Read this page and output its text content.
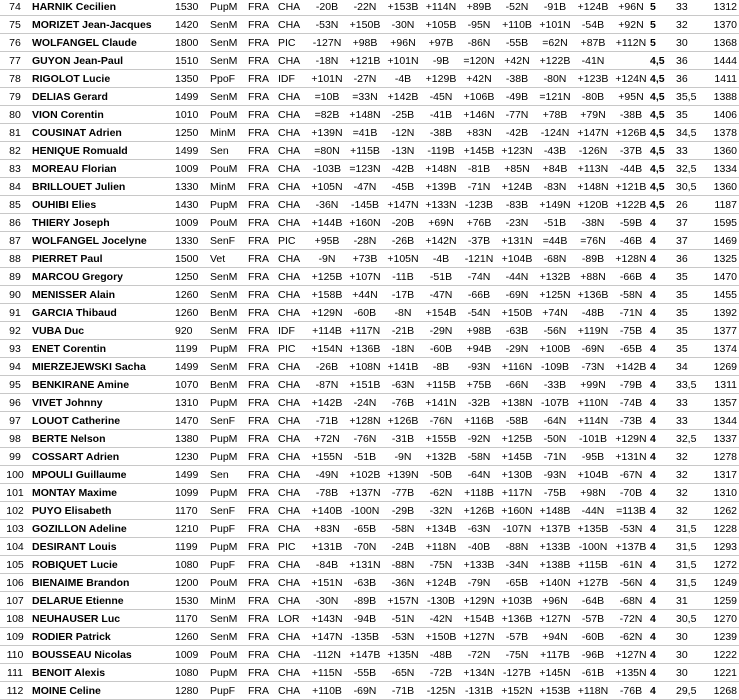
74	HARNIK Cecilien	1530	PupM	FRA	CHA	-20B	-22N	+153B	+114N	+89B	-52N	-91B	+124B	+96N	5	33	1312
75	MORIZET Jean-Jacques	1420	SenM	FRA	CHA	-53N	+150B	-30N	+105B	-95N	+110B	+101N	-54B	+92N	5	32	1370
76	WOLFANGEL Claude	1800	SenM	FRA	PIC	-127N	+98B	+96N	+97B	-86N	-55B	=62N	+87B	+112N	5	30	1368
77	GUYON Jean-Paul	1510	SenM	FRA	CHA	-18N	+121B	+101N	-9B	=120N	+42N	+122B	-41N		4,5	36	1444
78	RIGOLOT Lucie	1350	PpoF	FRA	IDF	+101N	-27N	-4B	+129B	+42N	-38B	-80N	+123B	+124N	4,5	36	1411
79	DELIAS Gerard	1499	SenM	FRA	CHA	=10B	=33N	+142B	-45N	+106B	-49B	=121N	-80B	+95N	4,5	35,5	1388
80	VION Corentin	1010	PouM	FRA	CHA	=82B	+148N	-25B	-41B	+146N	-77N	+78B	+79N	-38B	4,5	35	1406
81	COUSINAT Adrien	1250	MinM	FRA	CHA	+139N	=41B	-12N	-38B	+83N	-42B	-124N	+147N	+126B	4,5	34,5	1378
82	HENIQUE Romuald	1499	Sen	FRA	CHA	=80N	+115B	-13N	-119B	+145B	+123N	-43B	-126N	-37B	4,5	33	1360
83	MOREAU Florian	1009	PouM	FRA	CHA	-103B	=123N	-42B	+148N	-81B	+85N	+84B	+113N	-44B	4,5	32,5	1334
84	BRILLOUET Julien	1330	MinM	FRA	CHA	+105N	-47N	-45B	+139B	-71N	+124B	-83N	+148N	+121B	4,5	30,5	1360
85	OUHIBI Elies	1430	PupM	FRA	CHA	-36N	-145B	+147N	+133N	-123B	-83B	+149N	+120B	+122B	4,5	26	1187
86	THIERY Joseph	1009	PouM	FRA	CHA	+144B	+160N	-20B	+69N	+76B	-23N	-51B	-38N	-59B	4	37	1595
87	WOLFANGEL Jocelyne	1330	SenF	FRA	PIC	+95B	-28N	-26B	+142N	-37B	+131N	=44B	=76N	-46B	4	37	1469
88	PIERRET Paul	1500	Vet	FRA	CHA	-9N	+73B	+105N	-4B	-121N	+104B	-68N	-89B	+128N	4	36	1325
89	MARCOU Gregory	1250	SenM	FRA	CHA	+125B	+107N	-11B	-51B	-74N	-44N	+132B	+88N	-66B	4	35	1470
90	MENISSER Alain	1260	SenM	FRA	CHA	+158B	+44N	-17B	-47N	-66B	-69N	+125N	+136B	-58N	4	35	1455
91	GARCIA Thibaud	1260	BenM	FRA	CHA	+129N	-60B	-8N	+154B	-54N	+150B	+74N	-48B	-71N	4	35	1392
92	VUBA Duc	920	SenM	FRA	IDF	+114B	+117N	-21B	-29N	+98B	-63B	-56N	+119N	-75B	4	35	1377
93	ENET Corentin	1199	PupM	FRA	PIC	+154N	+136B	-18N	-60B	+94B	-29N	+100B	-69N	-65B	4	35	1374
94	MIERZEJEWSKI Sacha	1499	SenM	FRA	CHA	-26B	+108N	+141B	-8B	-93N	+116N	-109B	-73N	+142B	4	34	1269
95	BENKIRANE Amine	1070	BenM	FRA	CHA	-87N	+151B	-63N	+115B	+75B	-66N	-33B	+99N	-79B	4	33,5	1311
96	VIVET Johnny	1310	PupM	FRA	CHA	+142B	-24N	-76B	+141N	-32B	+138N	-107B	+110N	-74B	4	33	1357
97	LOUOT Catherine	1470	SenF	FRA	CHA	-71B	+128N	+126B	-76N	+116B	-58B	-64N	+114N	-73B	4	33	1344
98	BERTE Nelson	1380	PupM	FRA	CHA	+72N	-76N	-31B	+155B	-92N	+125B	-50N	-101B	+129N	4	32,5	1337
99	COSSART Adrien	1230	PupM	FRA	CHA	+155N	-51B	-9N	+132B	-58N	+145B	-71N	-95B	+131N	4	32	1278
100	MPOULI Guillaume	1499	Sen	FRA	CHA	-49N	+102B	+139N	-50B	-64N	+130B	-93N	+104B	-67N	4	32	1317
101	MONTAY Maxime	1099	PupM	FRA	CHA	-78B	+137N	-77B	-62N	+118B	+117N	-75B	+98N	-70B	4	32	1310
102	PUYO Elisabeth	1170	SenF	FRA	CHA	+140B	-100N	-29B	-32N	+126B	+160N	+148B	-44N	=113B	4	32	1262
103	GOZILLON Adeline	1210	PupF	FRA	CHA	+83N	-65B	-58N	+134B	-63N	-107N	+137B	+135B	-53N	4	31,5	1228
104	DESIRANT Louis	1199	PupM	FRA	PIC	+131B	-70N	-24B	+118N	-40B	-88N	+133B	-100N	+137B	4	31,5	1293
105	ROBIQUET Lucie	1080	PupF	FRA	CHA	-84B	+131N	-88N	-75N	+133B	-34N	+138B	+115B	-61N	4	31,5	1272
106	BIENAIME Brandon	1200	PouM	FRA	CHA	+151N	-63B	-36N	+124B	-79N	-65B	+140N	+127B	-56N	4	31,5	1249
107	DELARUE Etienne	1530	MinM	FRA	CHA	-30N	-89B	+157N	-130B	+129N	+103B	+96N	-64B	-68N	4	31	1259
108	NEUHAUSER Luc	1170	SenM	FRA	LOR	+143N	-94B	-51N	-42N	+154B	+136B	+127N	-57B	-72N	4	30,5	1270
109	RODIER Patrick	1260	SenM	FRA	CHA	+147N	-135B	-53N	+150B	+127N	-57B	+94N	-60B	-62N	4	30	1239
110	BOUSSEAU Nicolas	1009	PouM	FRA	CHA	-112N	+147B	+135N	-48B	-72N	-75N	+117B	-96B	+127N	4	30	1222
111	BENOIT Alexis	1080	PupM	FRA	CHA	+115N	-55B	-65N	-72B	+134N	-127B	+145N	-61B	+135N	4	30	1221
112	MOINE Celine	1280	PupF	FRA	CHA	+110B	-69N	-71B	-125N	-131B	+152N	+153B	+118N	-76B	4	29,5	1268
